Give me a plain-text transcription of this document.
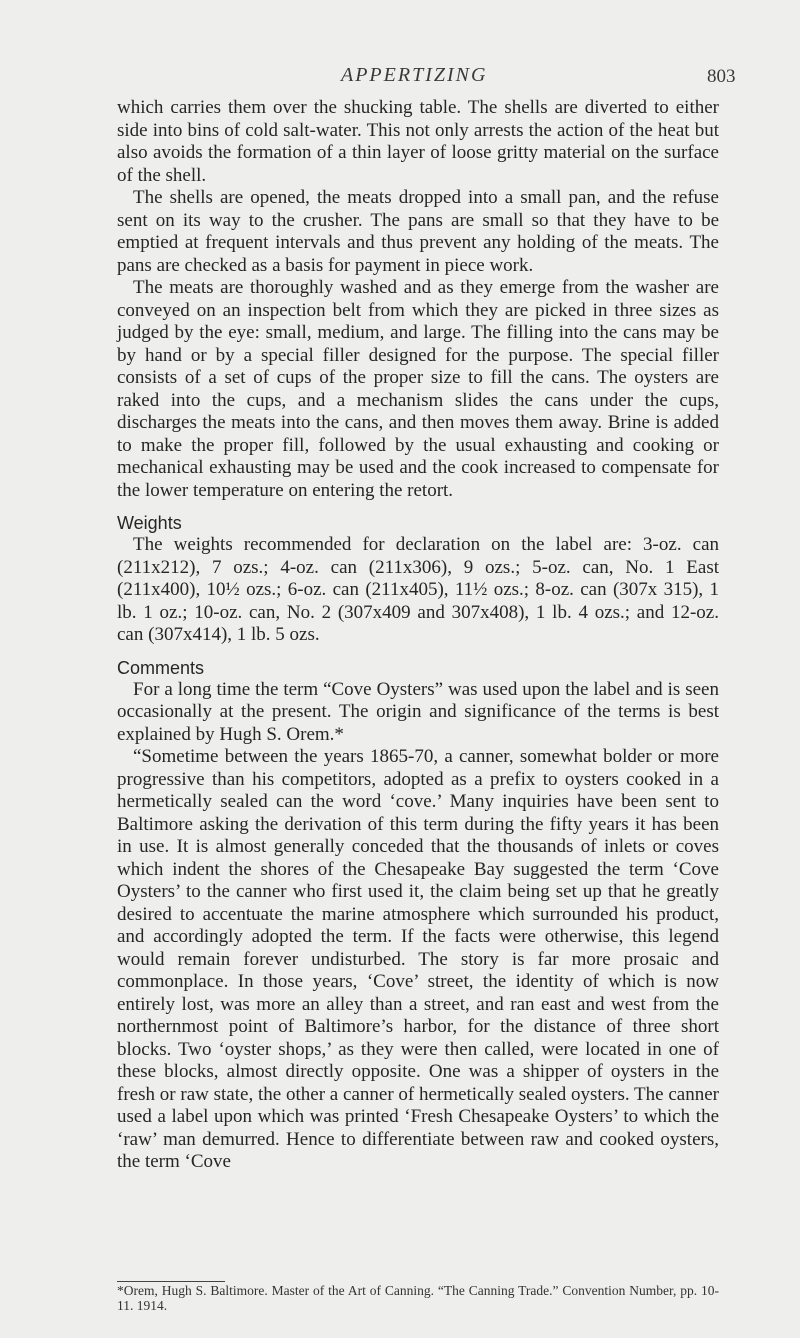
APPERTIZING	803

which carries them over the shucking table. The shells are diverted to either side into bins of cold salt-water. This not only arrests the action of the heat but also avoids the formation of a thin layer of loose gritty material on the surface of the shell.

The shells are opened, the meats dropped into a small pan, and the refuse sent on its way to the crusher. The pans are small so that they have to be emptied at frequent intervals and thus prevent any holding of the meats. The pans are checked as a basis for payment in piece work.

The meats are thoroughly washed and as they emerge from the washer are conveyed on an inspection belt from which they are picked in three sizes as judged by the eye: small, medium, and large. The filling into the cans may be by hand or by a special filler designed for the purpose. The special filler consists of a set of cups of the proper size to fill the cans. The oysters are raked into the cups, and a mechanism slides the cans under the cups, discharges the meats into the cans, and then moves them away. Brine is added to make the proper fill, followed by the usual exhausting and cooking or mechanical exhausting may be used and the cook increased to compensate for the lower temperature on entering the retort.

Weights

The weights recommended for declaration on the label are: 3-oz. can (211x212), 7 ozs.; 4-oz. can (211x306), 9 ozs.; 5-oz. can, No. 1 East (211x400), 10½ ozs.; 6-oz. can (211x405), 11½ ozs.; 8-oz. can (307x 315), 1 lb. 1 oz.; 10-oz. can, No. 2 (307x409 and 307x408), 1 lb. 4 ozs.; and 12-oz. can (307x414), 1 lb. 5 ozs.

Comments

For a long time the term “Cove Oysters” was used upon the label and is seen occasionally at the present. The origin and significance of the terms is best explained by Hugh S. Orem.*

“Sometime between the years 1865-70, a canner, somewhat bolder or more progressive than his competitors, adopted as a prefix to oysters cooked in a hermetically sealed can the word ‘cove.’ Many inquiries have been sent to Baltimore asking the derivation of this term during the fifty years it has been in use. It is almost generally conceded that the thousands of inlets or coves which indent the shores of the Chesapeake Bay suggested the term ‘Cove Oysters’ to the canner who first used it, the claim being set up that he greatly desired to accentuate the marine atmosphere which surrounded his product, and accordingly adopted the term. If the facts were otherwise, this legend would remain forever undisturbed. The story is far more prosaic and commonplace. In those years, ‘Cove’ street, the identity of which is now entirely lost, was more an alley than a street, and ran east and west from the northernmost point of Baltimore’s harbor, for the distance of three short blocks. Two ‘oyster shops,’ as they were then called, were located in one of these blocks, almost directly opposite. One was a shipper of oysters in the fresh or raw state, the other a canner of hermetically sealed oysters. The canner used a label upon which was printed ‘Fresh Chesapeake Oysters’ to which the ‘raw’ man demurred. Hence to differentiate between raw and cooked oysters, the term ‘Cove

*Orem, Hugh S. Baltimore. Master of the Art of Canning. “The Canning Trade.” Convention Number, pp. 10-11. 1914.
